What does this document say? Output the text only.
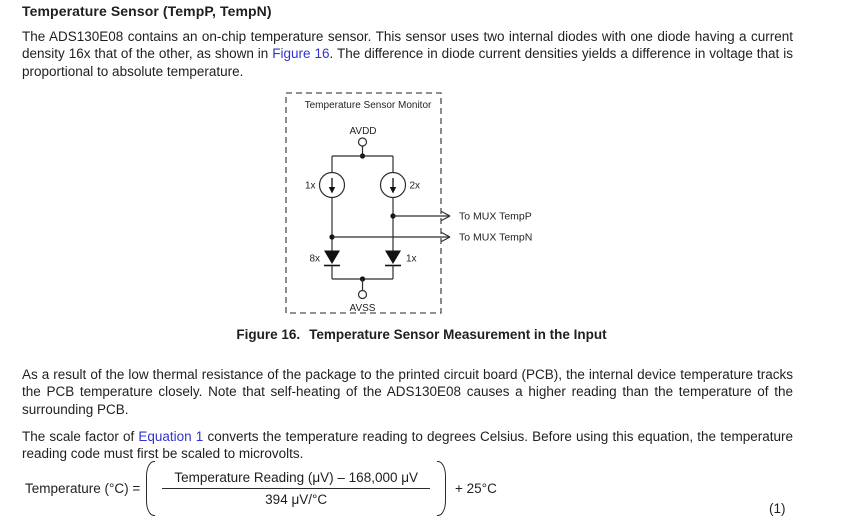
Temperature Sensor (TempP, TempN)

The ADS130E08 contains an on-chip temperature sensor. This sensor uses two internal diodes with one diode having a current density 16x that of the other, as shown in Figure 16. The difference in diode current densities yields a difference in voltage that is proportional to absolute temperature.

Temperature Sensor Monitor
AVDD
1x	2x
To MUX TempP
To MUX TempN
8x	1x
AVSS
Figure 16. Temperature Sensor Measurement in the Input

As a result of the low thermal resistance of the package to the printed circuit board (PCB), the internal device temperature tracks the PCB temperature closely. Note that self-heating of the ADS130E08 causes a higher reading than the temperature of the surrounding PCB.

The scale factor of Equation 1 converts the temperature reading to degrees Celsius. Before using this equation, the temperature reading code must first be scaled to microvolts.

Temperature $(^\circ C) = \frac{\text{Temperature Reading (μV) – 168,000 μV}}{394 \mu V/^\circ C} + 25^\circ C$
(1)
